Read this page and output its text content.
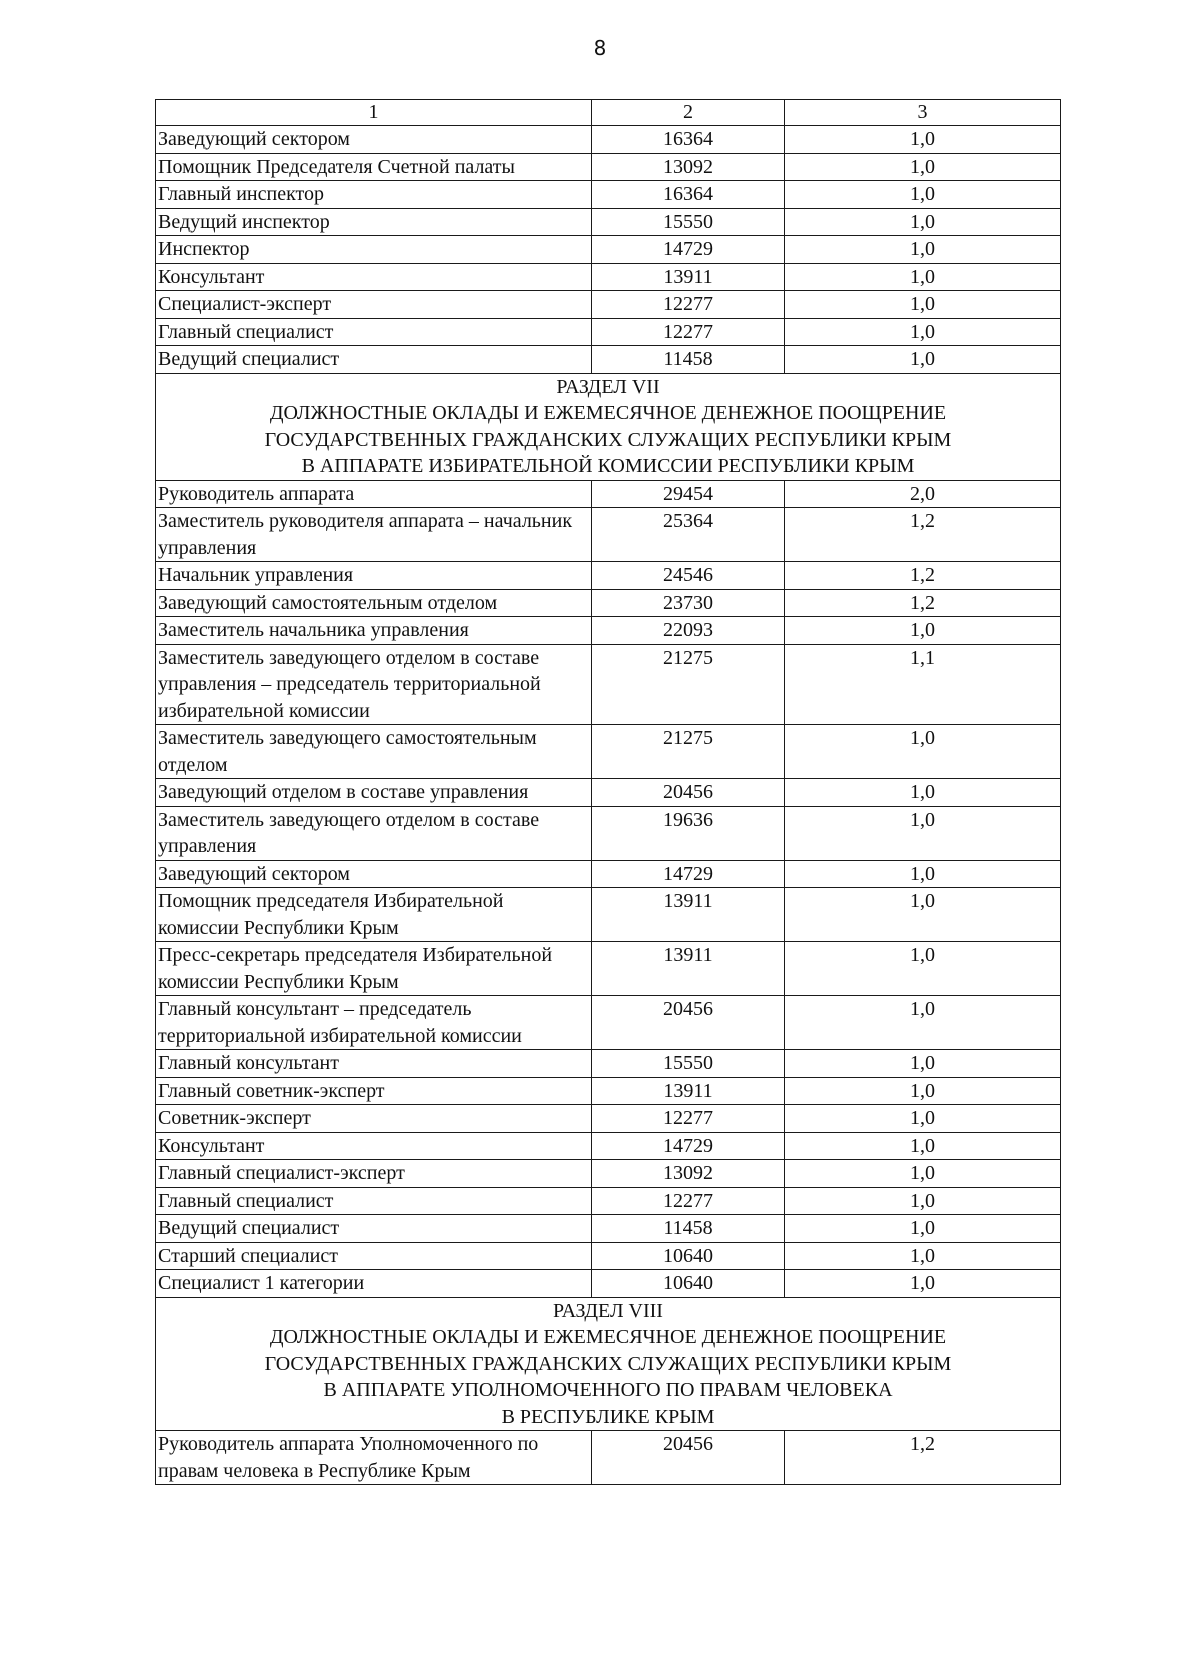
8
1	2	3
Заведующий сектором	16364	1,0
Помощник Председателя Счетной палаты	13092	1,0
Главный инспектор	16364	1,0
Ведущий инспектор	15550	1,0
Инспектор	14729	1,0
Консультант	13911	1,0
Специалист-эксперт	12277	1,0
Главный специалист	12277	1,0
Ведущий специалист	11458	1,0

РАЗДЕЛ VII
ДОЛЖНОСТНЫЕ ОКЛАДЫ И ЕЖЕМЕСЯЧНОЕ ДЕНЕЖНОЕ ПООЩРЕНИЕ
ГОСУДАРСТВЕННЫХ ГРАЖДАНСКИХ СЛУЖАЩИХ РЕСПУБЛИКИ КРЫМ
В АППАРАТЕ ИЗБИРАТЕЛЬНОЙ КОМИССИИ РЕСПУБЛИКИ КРЫМ		

Руководитель аппарата	29454	2,0
Заместитель руководителя аппарата – начальник управления	25364	1,2
Начальник управления	24546	1,2
Заведующий самостоятельным отделом	23730	1,2
Заместитель начальника управления	22093	1,0
Заместитель заведующего отделом в составе управления – председатель территориальной избирательной комиссии	21275	1,1
Заместитель заведующего самостоятельным отделом	21275	1,0
Заведующий отделом в составе управления	20456	1,0
Заместитель заведующего отделом в составе управления	19636	1,0
Заведующий сектором	14729	1,0
Помощник председателя Избирательной комиссии Республики Крым	13911	1,0
Пресс-секретарь председателя Избирательной комиссии Республики Крым	13911	1,0
Главный консультант – председатель территориальной избирательной комиссии	20456	1,0
Главный консультант	15550	1,0
Главный советник-эксперт	13911	1,0
Советник-эксперт	12277	1,0
Консультант	14729	1,0
Главный специалист-эксперт	13092	1,0
Главный специалист	12277	1,0
Ведущий специалист	11458	1,0
Старший специалист	10640	1,0
Специалист 1 категории	10640	1,0

РАЗДЕЛ VIII
ДОЛЖНОСТНЫЕ ОКЛАДЫ И ЕЖЕМЕСЯЧНОЕ ДЕНЕЖНОЕ ПООЩРЕНИЕ
ГОСУДАРСТВЕННЫХ ГРАЖДАНСКИХ СЛУЖАЩИХ РЕСПУБЛИКИ КРЫМ
В АППАРАТЕ УПОЛНОМОЧЕННОГО ПО ПРАВАМ ЧЕЛОВЕКА
В РЕСПУБЛИКЕ КРЫМ		

Руководитель аппарата Уполномоченного по правам человека в Республике Крым	20456	1,2
